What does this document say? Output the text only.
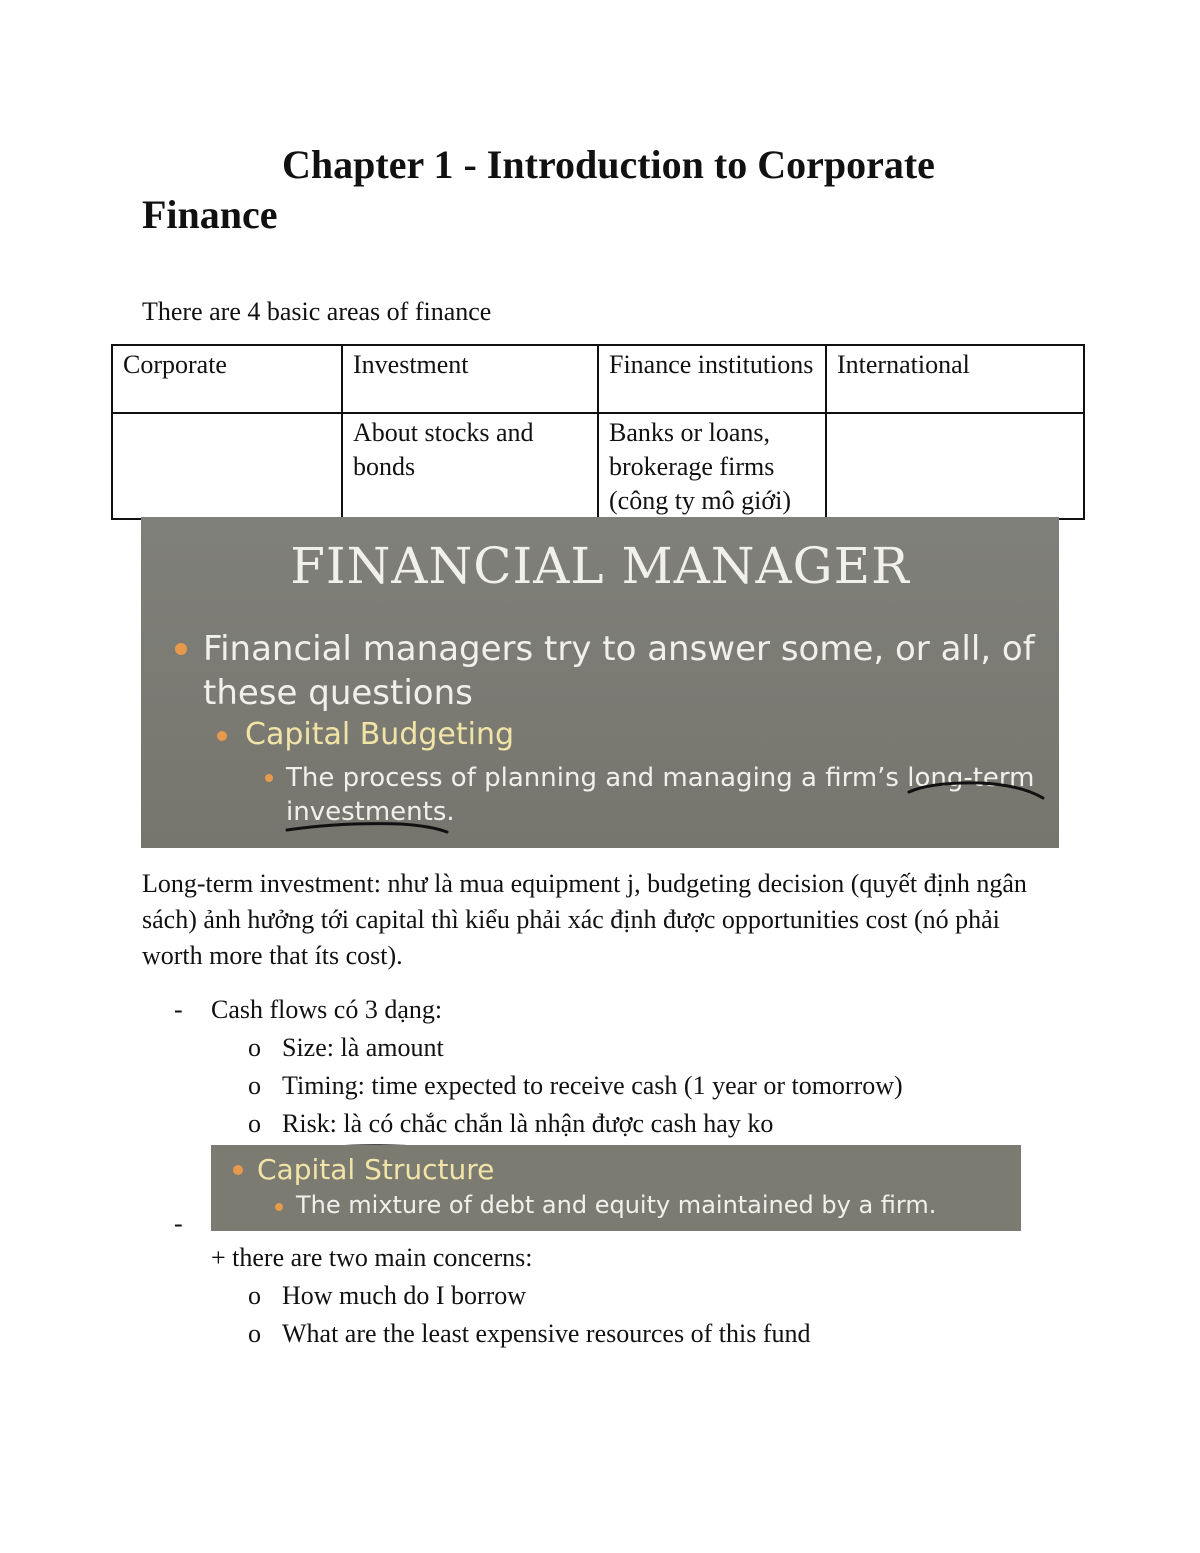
Chapter 1 - Introduction to Corporate Finance

There are 4 basic areas of finance

Corporate	Investment	Finance institutions	International
	About stocks and bonds	Banks or loans, brokerage firms (công ty mô giới)	
FINANCIAL MANAGER
Financial managers try to answer some, or all, of these questions
Capital Budgeting
The process of planning and managing a firm’s long-term investments.

Long-term investment: như là mua equipment j, budgeting decision (quyết định ngân sách) ảnh hưởng tới capital thì kiểu phải xác định được opportunities cost (nó phải worth more that íts cost).

- Cash flows có 3 dạng:
o Size: là amount
o Timing: time expected to receive cash (1 year or tomorrow)
o Risk: là có chắc chắn là nhận được cash hay ko
-
Capital Structure
The mixture of debt and equity maintained by a firm.
+ there are two main concerns:
o How much do I borrow
o What are the least expensive resources of this fund
